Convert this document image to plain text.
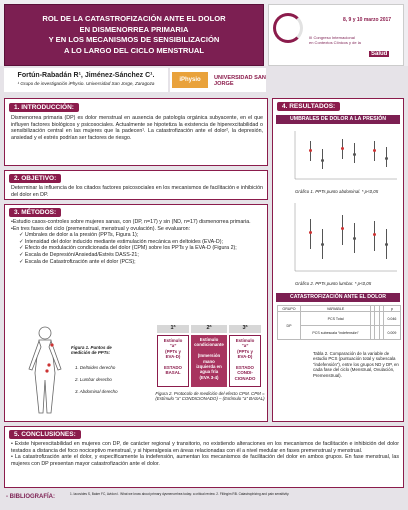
ROL DE LA CATASTROFIZACIÓN ANTE EL DOLOR
EN DISMENORREA PRIMARIA
Y EN LOS MECANISMOS DE SENSIBILIZACIÓN
A LO LARGO DEL CICLO MENSTRUAL
8, 9 y 10 marzo 2017
III Congreso Internacional
en Contextos Clínicos y de la
Salud
Fortún-Rabadán R¹, Jiménez-Sánchez C¹.
¹ Grupo de investigación iPhysio. Universidad San Jorge, Zaragoza
iPhysio	UNIVERSIDAD SAN JORGE
1. INTRODUCCIÓN:
Dismenorrea primaria (DP) es dolor menstrual en ausencia de patología orgánica subyacente, en el que influyen factores biológicos y psicosociales. Actualmente se hipotetiza la existencia de hiperexcitabilidad o sensibilización central en las mujeres que la padecen¹. La catastrofización ante el dolor², la depresión, ansiedad y el estrés podrían ser factores de riesgo.
2. OBJETIVO:
Determinar la influencia de los citados factores psicosociales en los mecanismos de facilitación e inhibición del dolor en DP.
3. MÉTODOS:
•Estudio casos-controles sobre mujeres sanas, con (DP, n=17) y sin (ND, n=17) dismenorrea primaria.
•En tres fases del ciclo (premenstrual, menstrual y ovulación). Se evaluaron:
✓ Umbrales de dolor a la presión (PPTs, Figura 1);
✓ Intensidad del dolor inducido mediante estimulación mecánica en deltoides (EVA-D);
✓ Efecto de modulación condicionada del dolor (CPM) sobre los PPTs y la EVA-D (Figura 2);
✓ Escala de Depresión/Ansiedad/Estrés DASS-21;
✓ Escala de Catastrofización ante el dolor (PCS);
Figura 1. Puntos de medición de PPTs:
1. Deltoides derecho
2. Lumbar derecho
3. Abdominal derecho
1ª	2ª	3ª
Estímulo
“a”
(PPTs y
EVA-D)

ESTADO
BASAL
Estímulo
condicionante

(Inmersión
mano
izquierda en
agua fría
(EVA 3-4)
Estímulo
“a”
(PPTs y
EVA-D)

ESTADO
CONDI-
CIONADO
Figura 2. Protocolo de medición del efecto CPM. CPM = (Estímulo “a” CONDICIONADO) – (Estímulo “a” BASAL)
4. RESULTADOS:
UMBRALES DE DOLOR A LA PRESIÓN
Gráfico 1. PPTs punto abdominal. * p<0,05
Gráfico 2. PPTs punto lumbar. * p<0,05
CATASTROFIZACIÓN ANTE EL DOLOR
GRUPO	VARIABLE				p
DP	PCS Total				0.046
	PCS subescala “indefensión”				0.009
Tabla 2. Comparación de la variable de estudio PCS (puntuación total y subescala “indefensión”), entre los grupos ND y DP, en cada fase del ciclo (Menstrual, Ovulación, Premenstrual).
5. CONCLUSIONES:
• Existe hiperexcitabilidad en mujeres con DP, de carácter regional y transitorio, no existiendo alteraciones en los mecanismos de facilitación e inhibición del dolor testados a distancia del foco nociceptivo menstrual, y si hiperalgesia en áreas relacionadas con él a nivel medular en fases premenstrual y menstrual.
• La catastrofización ante el dolor, y específicamente la indefensión, aumentan los mecanismos de facilitación del dolor en ambos grupos. En fase menstrual, las mujeres con DP presentan mayor catastrofización ante el dolor.
- BIBLIOGRAFÍA:	1. Iacovides S, Baker FC, Avidon I. What we know about primary dysmenorrhea today: a critical review. 2. Fillingim RB. Catastrophizing and pain sensitivity.
